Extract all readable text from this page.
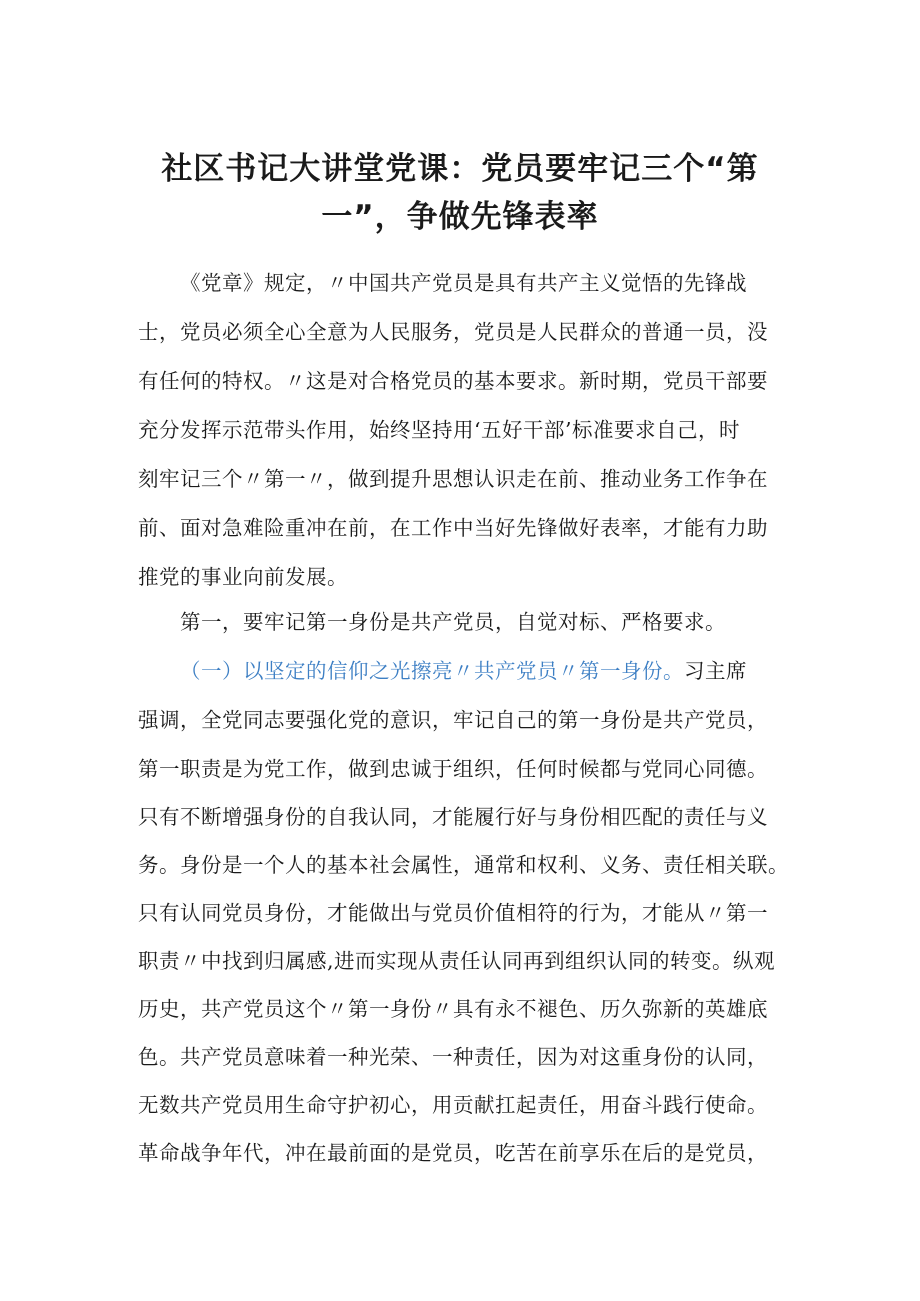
社区书记大讲堂党课：党员要牢记三个“第
一”，争做先锋表率
《党章》规定，〃中国共产党员是具有共产主义觉悟的先锋战
士，党员必须全心全意为人民服务，党员是人民群众的普通一员，没
有任何的特权。〃这是对合格党员的基本要求。新时期，党员干部要
充分发挥示范带头作用，始终坚持用‘五好干部’标准要求自己，时
刻牢记三个〃第一〃，做到提升思想认识走在前、推动业务工作争在
前、面对急难险重冲在前，在工作中当好先锋做好表率，才能有力助
推党的事业向前发展。
第一，要牢记第一身份是共产党员，自觉对标、严格要求。
（一）以坚定的信仰之光擦亮〃共产党员〃第一身份。习主席
强调，全党同志要强化党的意识，牢记自己的第一身份是共产党员，
第一职责是为党工作，做到忠诚于组织，任何时候都与党同心同德。
只有不断增强身份的自我认同，才能履行好与身份相匹配的责任与义
务。身份是一个人的基本社会属性，通常和权利、义务、责任相关联。
只有认同党员身份，才能做出与党员价值相符的行为，才能从〃第一
职责〃中找到归属感,进而实现从责任认同再到组织认同的转变。纵观
历史，共产党员这个〃第一身份〃具有永不褪色、历久弥新的英雄底
色。共产党员意味着一种光荣、一种责任，因为对这重身份的认同，
无数共产党员用生命守护初心，用贡献扛起责任，用奋斗践行使命。
革命战争年代，冲在最前面的是党员，吃苦在前享乐在后的是党员，
